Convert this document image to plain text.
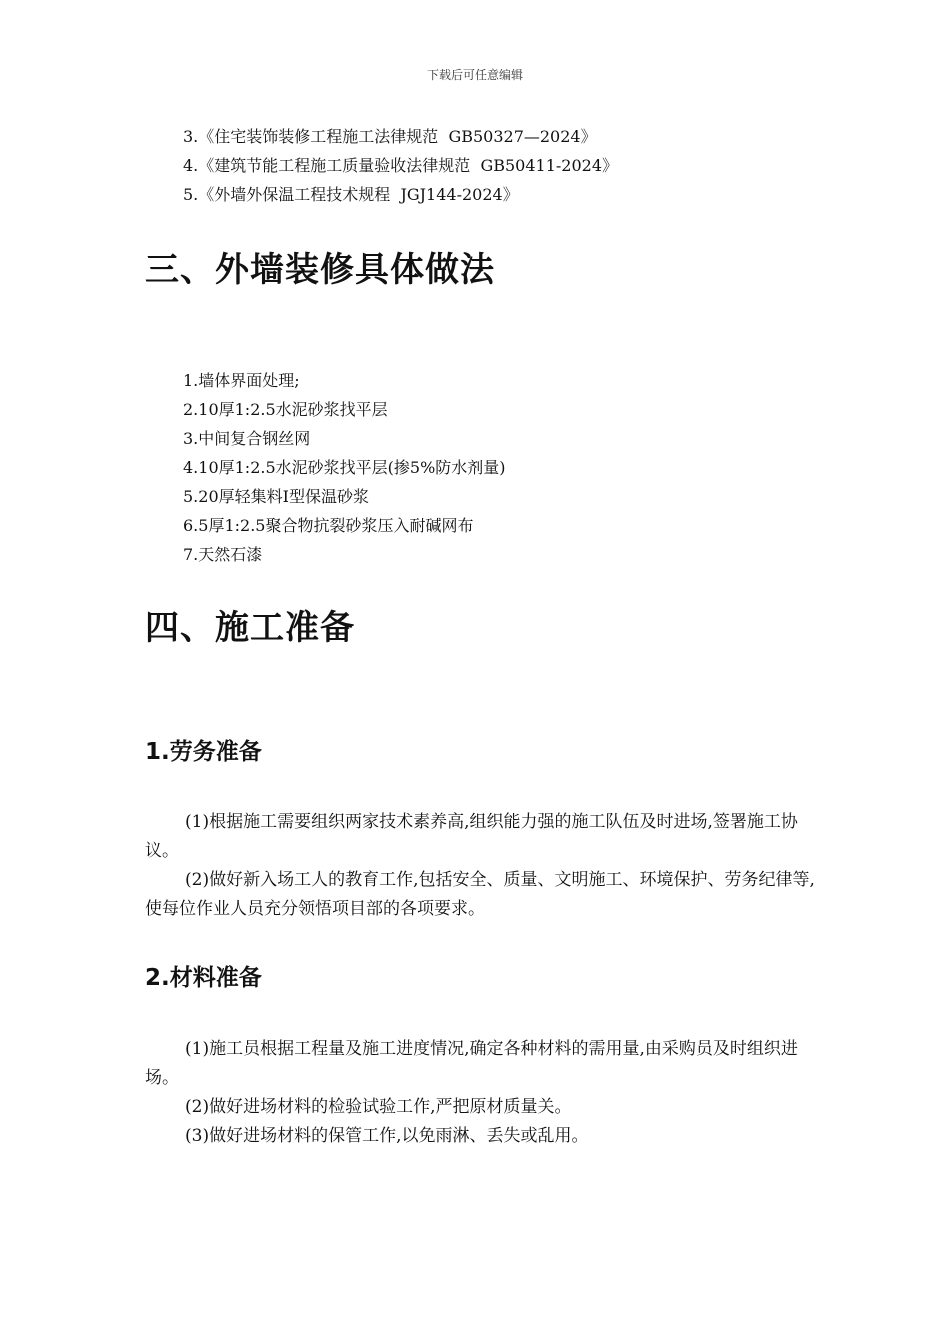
下载后可任意编辑
3.《住宅装饰装修工程施工法律规范  GB50327—2024》
4.《建筑节能工程施工质量验收法律规范  GB50411-2024》
5.《外墙外保温工程技术规程  JGJ144-2024》
三、外墙装修具体做法
1.墙体界面处理;
2.10厚1:2.5水泥砂浆找平层
3.中间复合钢丝网
4.10厚1:2.5水泥砂浆找平层(掺5%防水剂量)
5.20厚轻集料Ⅰ型保温砂浆
6.5厚1:2.5聚合物抗裂砂浆压入耐碱网布
7.天然石漆
四、施工准备
1.劳务准备

(1)根据施工需要组织两家技术素养高,组织能力强的施工队伍及时进场,签署施工协议。

(2)做好新入场工人的教育工作,包括安全、质量、文明施工、环境保护、劳务纪律等,使每位作业人员充分领悟项目部的各项要求。

2.材料准备

(1)施工员根据工程量及施工进度情况,确定各种材料的需用量,由采购员及时组织进场。

(2)做好进场材料的检验试验工作,严把原材质量关。

(3)做好进场材料的保管工作,以免雨淋、丢失或乱用。
